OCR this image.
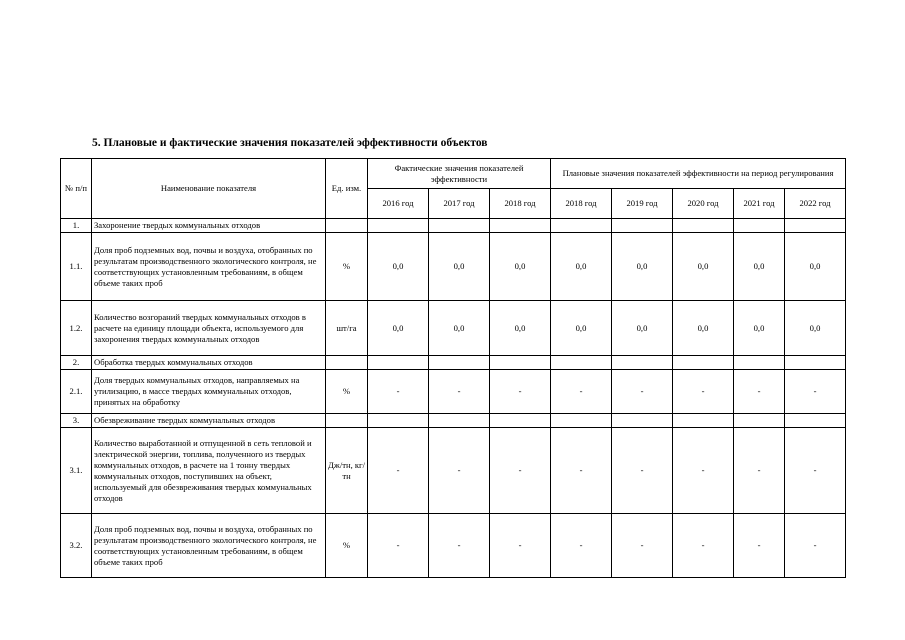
5. Плановые и фактические значения показателей эффективности объектов
№ п/п	Наименование показателя	Ед. изм.	Фактические значения показателей эффективности			Плановые значения показателей эффективности на период регулирования				
			2016 год	2017 год	2018 год	2018 год	2019 год	2020 год	2021 год	2022 год
1.	Захоронение твердых коммунальных отходов									
1.1.	Доля проб подземных вод, почвы и воздуха, отобранных по результатам производственного экологического контроля, не соответствующих установленным требованиям, в общем объеме таких проб	%	0,0	0,0	0,0	0,0	0,0	0,0	0,0	0,0
1.2.	Количество возгораний твердых коммунальных отходов в расчете на единицу площади объекта, используемого для захоронения твердых коммунальных отходов	шт/га	0,0	0,0	0,0	0,0	0,0	0,0	0,0	0,0
2.	Обработка твердых коммунальных отходов									
2.1.	Доля твердых коммунальных отходов, направляемых на утилизацию, в массе твердых коммунальных отходов, принятых на обработку	%	-	-	-	-	-	-	-	-
3.	Обезвреживание твердых коммунальных отходов									
3.1.	Количество выработанной и отпущенной в сеть тепловой и электрической энергии, топлива, полученного из твердых коммунальных отходов, в расчете на 1 тонну твердых коммунальных отходов, поступивших на объект, используемый для обезвреживания твердых коммунальных отходов	Дж/тн, кг/тн	-	-	-	-	-	-	-	-
3.2.	Доля проб подземных вод, почвы и воздуха, отобранных по результатам производственного экологического контроля, не соответствующих установленным требованиям, в общем объеме таких проб	%	-	-	-	-	-	-	-	-
